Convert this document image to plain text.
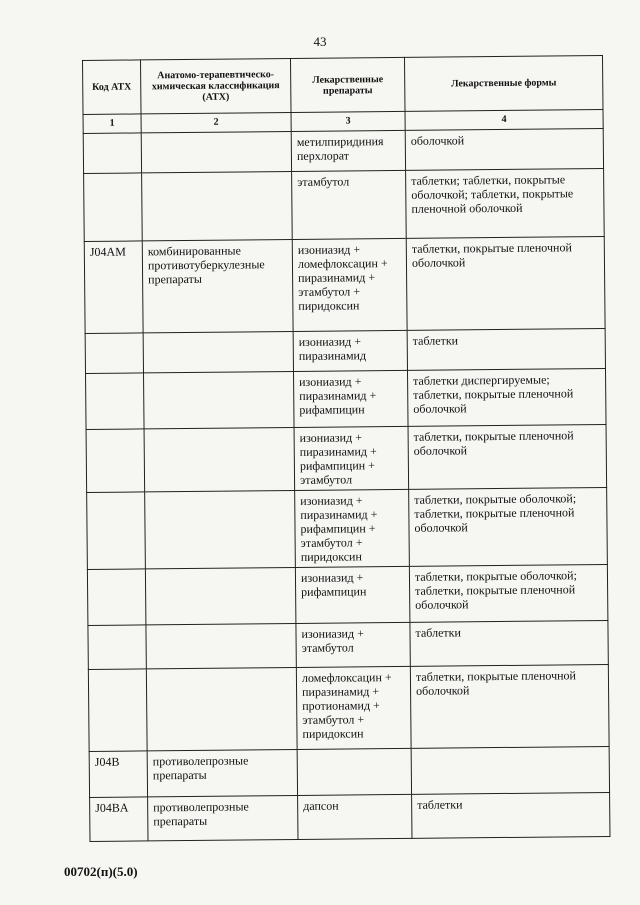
43
Код АТХ	Анатомо-терапевтическо-химическая классификация (АТХ)	Лекарственные препараты	Лекарственные формы
1	2	3	4
		метилпиридиния перхлорат	оболочкой
		этамбутол	таблетки; таблетки, покрытые оболочкой; таблетки, покрытые пленочной оболочкой
J04AM	комбинированные противотуберкулезные препараты	изониазид + ломефлоксацин + пиразинамид + этамбутол + пиридоксин	таблетки, покрытые пленочной оболочкой
		изониазид + пиразинамид	таблетки
		изониазид + пиразинамид + рифампицин	таблетки диспергируемые; таблетки, покрытые пленочной оболочкой
		изониазид + пиразинамид + рифампицин + этамбутол	таблетки, покрытые пленочной оболочкой
		изониазид + пиразинамид + рифампицин + этамбутол + пиридоксин	таблетки, покрытые оболочкой; таблетки, покрытые пленочной оболочкой
		изониазид + рифампицин	таблетки, покрытые оболочкой; таблетки, покрытые пленочной оболочкой
		изониазид + этамбутол	таблетки
		ломефлоксацин + пиразинамид + протионамид + этамбутол + пиридоксин	таблетки, покрытые пленочной оболочкой
J04B	противолепрозные препараты		
J04BA	противолепрозные препараты	дапсон	таблетки
00702(п)(5.0)
